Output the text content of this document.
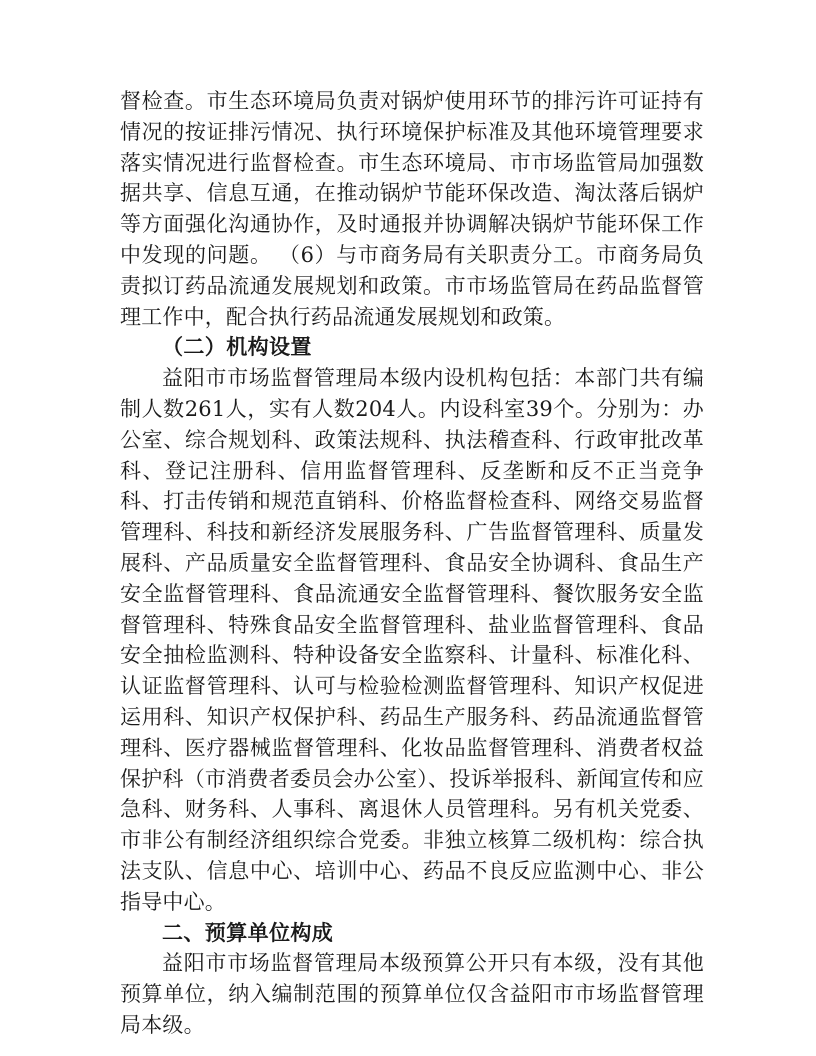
督检查。市生态环境局负责对锅炉使用环节的排污许可证持有情况的按证排污情况、执行环境保护标准及其他环境管理要求落实情况进行监督检查。市生态环境局、市市场监管局加强数据共享、信息互通，在推动锅炉节能环保改造、淘汰落后锅炉等方面强化沟通协作，及时通报并协调解决锅炉节能环保工作中发现的问题。 （6）与市商务局有关职责分工。市商务局负责拟订药品流通发展规划和政策。市市场监管局在药品监督管理工作中，配合执行药品流通发展规划和政策。

（二）机构设置

益阳市市场监督管理局本级内设机构包括：本部门共有编制人数261人，实有人数204人。内设科室39个。分别为：办公室、综合规划科、政策法规科、执法稽查科、行政审批改革科、登记注册科、信用监督管理科、反垄断和反不正当竞争科、打击传销和规范直销科、价格监督检查科、网络交易监督管理科、科技和新经济发展服务科、广告监督管理科、质量发展科、产品质量安全监督管理科、食品安全协调科、食品生产安全监督管理科、食品流通安全监督管理科、餐饮服务安全监督管理科、特殊食品安全监督管理科、盐业监督管理科、食品安全抽检监测科、特种设备安全监察科、计量科、标准化科、认证监督管理科、认可与检验检测监督管理科、知识产权促进运用科、知识产权保护科、药品生产服务科、药品流通监督管理科、医疗器械监督管理科、化妆品监督管理科、消费者权益保护科（市消费者委员会办公室）、投诉举报科、新闻宣传和应急科、财务科、人事科、离退休人员管理科。另有机关党委、市非公有制经济组织综合党委。非独立核算二级机构：综合执法支队、信息中心、培训中心、药品不良反应监测中心、非公指导中心。

二、预算单位构成

益阳市市场监督管理局本级预算公开只有本级，没有其他预算单位，纳入编制范围的预算单位仅含益阳市市场监督管理局本级。
